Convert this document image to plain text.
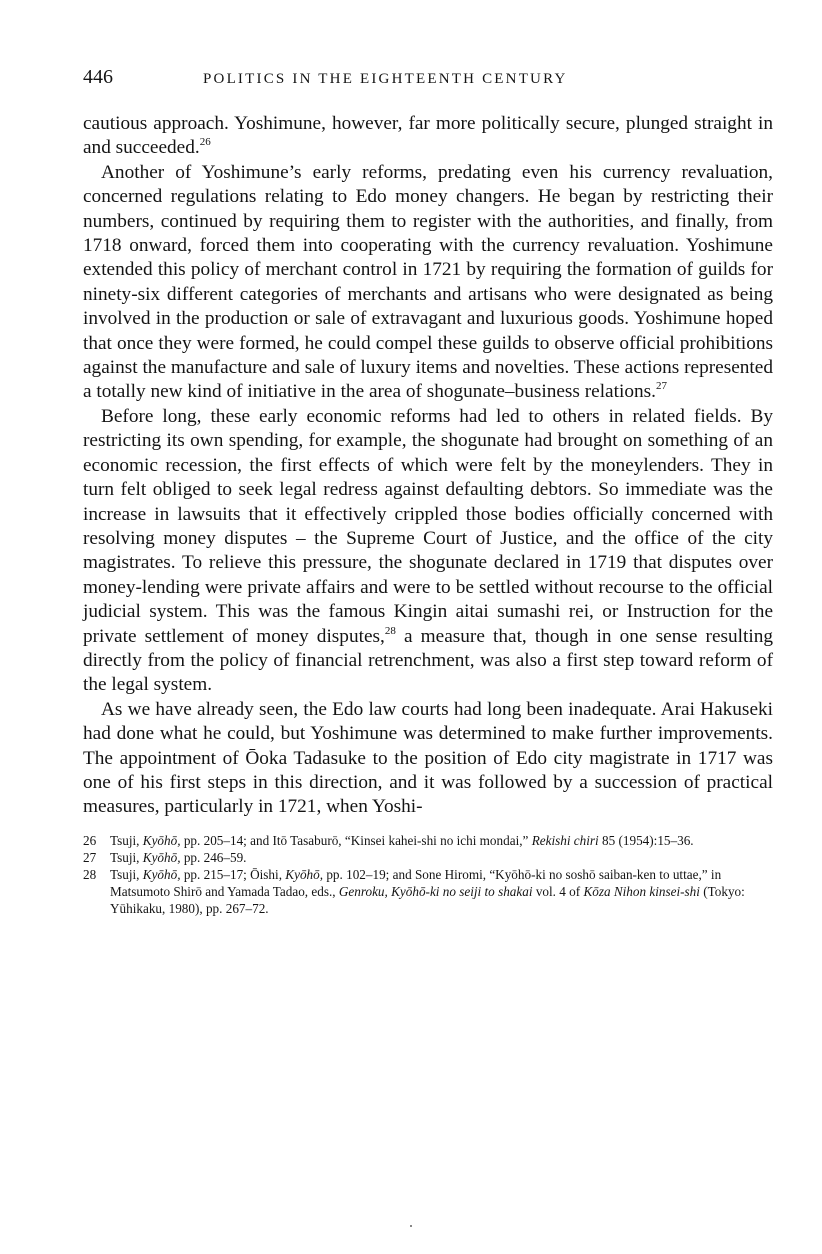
446	POLITICS IN THE EIGHTEENTH CENTURY

cautious approach. Yoshimune, however, far more politically secure, plunged straight in and succeeded.$^{26}$

Another of Yoshimune’s early reforms, predating even his currency revaluation, concerned regulations relating to Edo money changers. He began by restricting their numbers, continued by requiring them to register with the authorities, and finally, from 1718 onward, forced them into cooperating with the currency revaluation. Yoshimune extended this policy of merchant control in 1721 by requiring the formation of guilds for ninety-six different categories of merchants and artisans who were designated as being involved in the production or sale of extravagant and luxurious goods. Yoshimune hoped that once they were formed, he could compel these guilds to observe official prohibitions against the manufacture and sale of luxury items and novelties. These actions represented a totally new kind of initiative in the area of shogunate–business relations.$^{27}$

Before long, these early economic reforms had led to others in related fields. By restricting its own spending, for example, the shogunate had brought on something of an economic recession, the first effects of which were felt by the moneylenders. They in turn felt obliged to seek legal redress against defaulting debtors. So immediate was the increase in lawsuits that it effectively crippled those bodies officially concerned with resolving money disputes – the Supreme Court of Justice, and the office of the city magistrates. To relieve this pressure, the shogunate declared in 1719 that disputes over money-lending were private affairs and were to be settled without recourse to the official judicial system. This was the famous Kingin aitai sumashi rei, or Instruction for the private settlement of money disputes,$^{28}$ a measure that, though in one sense resulting directly from the policy of financial retrenchment, was also a first step toward reform of the legal system.

As we have already seen, the Edo law courts had long been inadequate. Arai Hakuseki had done what he could, but Yoshimune was determined to make further improvements. The appointment of Ōoka Tadasuke to the position of Edo city magistrate in 1717 was one of his first steps in this direction, and it was followed by a succession of practical measures, particularly in 1721, when Yoshi-

26	Tsuji, Kyōhō, pp. 205–14; and Itō Tasaburō, “Kinsei kahei-shi no ichi mondai,” Rekishi chiri 85 (1954):15–36.
27	Tsuji, Kyōhō, pp. 246–59.
28	Tsuji, Kyōhō, pp. 215–17; Ōishi, Kyōhō, pp. 102–19; and Sone Hiromi, “Kyōhō-ki no soshō saiban-ken to uttae,” in Matsumoto Shirō and Yamada Tadao, eds., Genroku, Kyōhō-ki no seiji to shakai vol. 4 of Kōza Nihon kinsei-shi (Tokyo: Yūhikaku, 1980), pp. 267–72.
